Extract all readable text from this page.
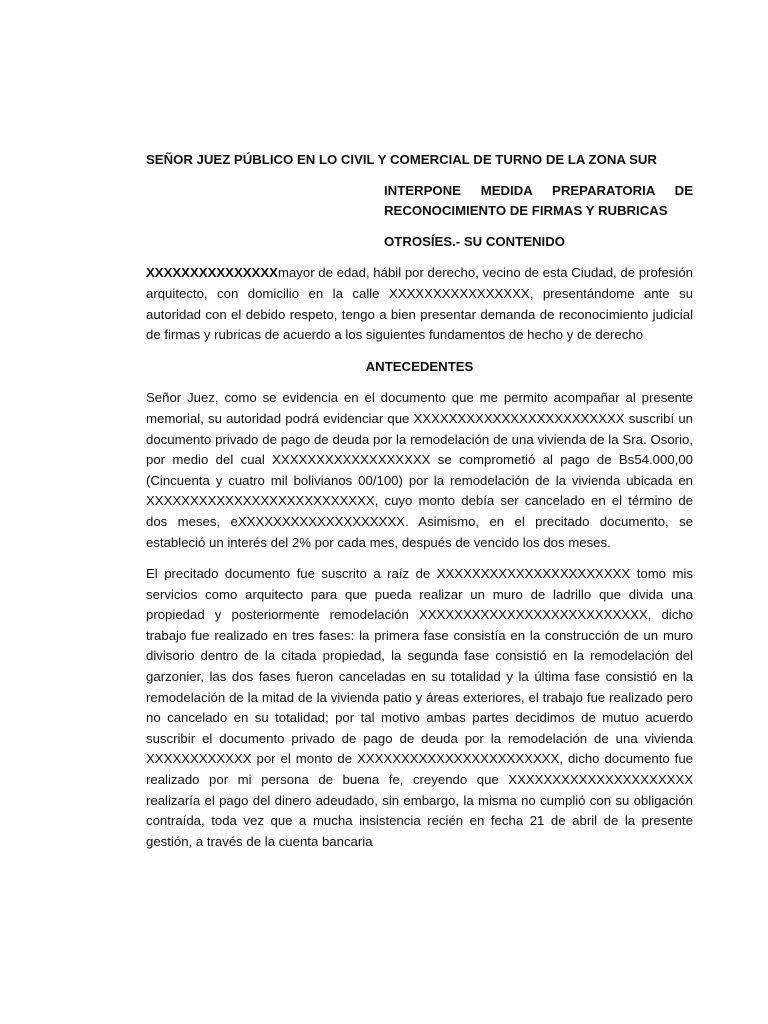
SEÑOR JUEZ PÚBLICO EN LO CIVIL Y COMERCIAL DE TURNO DE LA ZONA SUR

INTERPONE MEDIDA PREPARATORIA DE RECONOCIMIENTO DE FIRMAS Y RUBRICAS

OTROSÍES.- SU CONTENIDO

XXXXXXXXXXXXXXXmayor de edad, hábil por derecho, vecino de esta Ciudad, de profesión arquitecto, con domicilio en la calle XXXXXXXXXXXXXXXX, presentándome ante su autoridad con el debido respeto, tengo a bien presentar demanda de reconocimiento judicial de firmas y rubricas de acuerdo a los siguientes fundamentos de hecho y de derecho

ANTECEDENTES

Señor Juez, como se evidencia en el documento que me permito acompañar al presente memorial, su autoridad podrá evidenciar que XXXXXXXXXXXXXXXXXXXXXXXX suscribí un documento privado de pago de deuda por la remodelación de una vivienda de la Sra. Osorio, por medio del cual XXXXXXXXXXXXXXXXXX se comprometió al pago de Bs54.000,00 (Cincuenta y cuatro mil bolivianos 00/100) por la remodelación de la vivienda ubicada en XXXXXXXXXXXXXXXXXXXXXXXXXX, cuyo monto debía ser cancelado en el término de dos meses, eXXXXXXXXXXXXXXXXXXX. Asimismo, en el precitado documento, se estableció un interés del 2% por cada mes, después de vencido los dos meses.

El precitado documento fue suscrito a raíz de XXXXXXXXXXXXXXXXXXXXXX tomo mis servicios como arquitecto para que pueda realizar un muro de ladrillo que divida una propiedad y posteriormente remodelación XXXXXXXXXXXXXXXXXXXXXXXXXX, dicho trabajo fue realizado en tres fases: la primera fase consistía en la construcción de un muro divisorio dentro de la citada propiedad, la segunda fase consistió en la remodelación del garzonier, las dos fases fueron canceladas en su totalidad y la última fase consistió en la remodelación de la mitad de la vivienda patio y áreas exteriores, el trabajo fue realizado pero no cancelado en su totalidad; por tal motivo ambas partes decidimos de mutuo acuerdo suscribir el documento privado de pago de deuda por la remodelación de una vivienda XXXXXXXXXXXX por el monto de XXXXXXXXXXXXXXXXXXXXXXX, dicho documento fue realizado por mi persona de buena fe, creyendo que XXXXXXXXXXXXXXXXXXXXX realizaría el pago del dinero adeudado, sin embargo, la misma no cumplió con su obligación contraída, toda vez que a mucha insistencia recién en fecha 21 de abril de la presente gestión, a través de la cuenta bancaria
